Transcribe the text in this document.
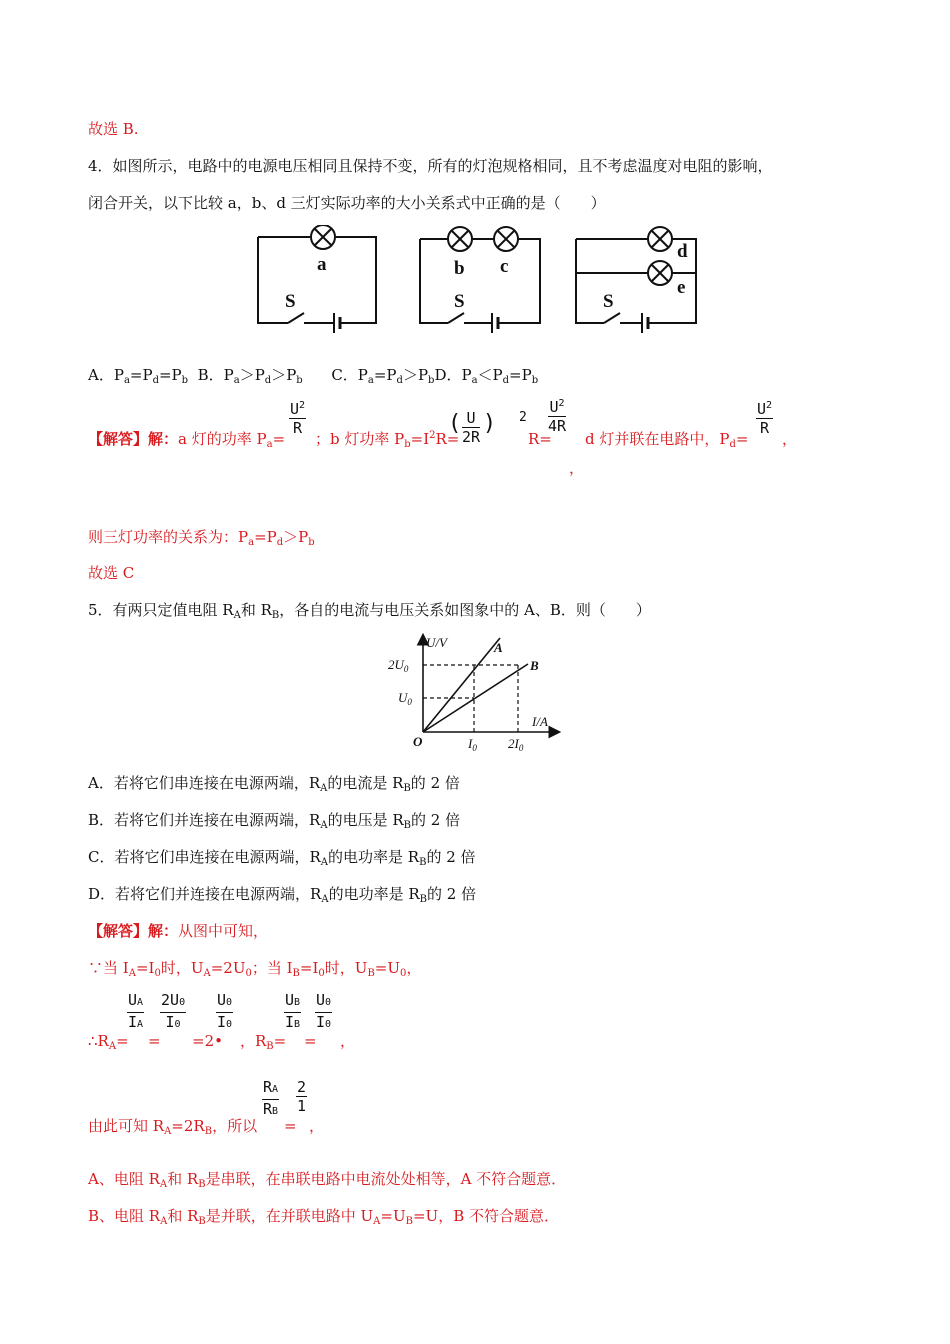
故选 B.
4．如图所示，电路中的电源电压相同且保持不变，所有的灯泡规格相同，且不考虑温度对电阻的影响，
闭合开关，以下比较 a，b、d 三灯实际功率的大小关系式中正确的是（　　）
a
S
b c
S
d
e
S
A．$P_a=P_d=P_b$ B．$P_a>P_d>P_b$ C．$P_a=P_d>P_bD$．$P_a<P_d=P_b$
【解答】解：a 灯的功率 $P_a=$
$\frac{U^2}{R}$
；b 灯功率 $P_b=I^2R=$
( U
2R
) 2
R=
$\frac{U^2}{4R}$
，
d 灯并联在电路中，$P_d=$
$\frac{U^2}{R}$
，
则三灯功率的关系为：$P_a=P_d>P_b$
故选 C
5．有两只定值电阻 $R_A$和 $R_B$，各自的电流与电压关系如图象中的 A、B．则（　　）
U/V
I/A
O
A
B
$2U_0$
$U_0$
$I_0$ $2I_0$
A．若将它们串连接在电源两端，$R_A$的电流是 $R_B$的 2 倍
B．若将它们并连接在电源两端，$R_A$的电压是 $R_B$的 2 倍
C．若将它们串连接在电源两端，$R_A$的电功率是 $R_B$的 2 倍
D．若将它们并连接在电源两端，$R_A$的电功率是 $R_B$的 2 倍
【解答】解：从图中可知，
∵当 $I_A=I_0$时，$U_A=2U_0$；当 $I_B=I_0$时，$U_B=U_0$，
$\therefore R_A=$
$\frac{UA}{IA}$
=
$\frac{2U0}{I0}$
=2•
$\frac{U0}{I0}$
，$R_B=$
$\frac{UB}{IB}$
=
$\frac{U0}{I0}$
，
由此可知 $R_A=2R_B$，所以
$\frac{RA}{RB}$
=
$\frac{2}{1}$
，
A、电阻 $R_A$和 $R_B$是串联，在串联电路中电流处处相等，A 不符合题意．
B、电阻 $R_A$和 $R_B$是并联，在并联电路中 $U_A=U_B=U$，B 不符合题意．
